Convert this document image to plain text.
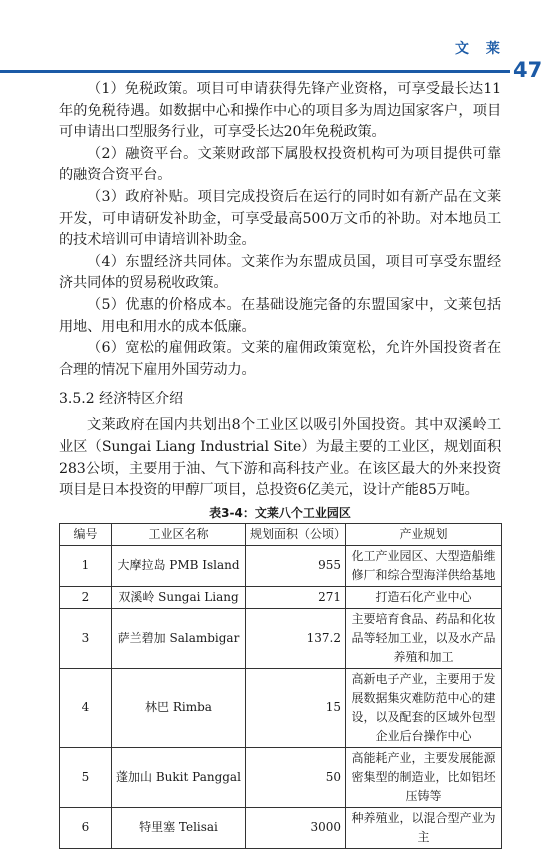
文 莱
47

（1）免税政策。项目可申请获得先锋产业资格，可享受最长达11年的免税待遇。如数据中心和操作中心的项目多为周边国家客户，项目可申请出口型服务行业，可享受长达20年免税政策。

（2）融资平台。文莱财政部下属股权投资机构可为项目提供可靠的融资合资平台。

（3）政府补贴。项目完成投资后在运行的同时如有新产品在文莱开发，可申请研发补助金，可享受最高500万文币的补助。对本地员工的技术培训可申请培训补助金。

（4）东盟经济共同体。文莱作为东盟成员国，项目可享受东盟经济共同体的贸易税收政策。

（5）优惠的价格成本。在基础设施完备的东盟国家中，文莱包括用地、用电和用水的成本低廉。

（6）宽松的雇佣政策。文莱的雇佣政策宽松，允许外国投资者在合理的情况下雇用外国劳动力。

3.5.2 经济特区介绍

文莱政府在国内共划出8个工业区以吸引外国投资。其中双溪岭工业区（Sungai Liang Industrial Site）为最主要的工业区，规划面积283公顷，主要用于油、气下游和高科技产业。在该区最大的外来投资项目是日本投资的甲醇厂项目，总投资6亿美元，设计产能85万吨。

表3-4：文莱八个工业园区
编号	工业区名称	规划面积（公顷）	产业规划
1	大摩拉岛 PMB Island	955	化工产业园区、大型造船维修厂和综合型海洋供给基地
2	双溪岭 Sungai Liang	271	打造石化产业中心
3	萨兰碧加 Salambigar	137.2	主要培育食品、药品和化妆品等轻加工业，以及水产品养殖和加工
4	林巴 Rimba	15	高新电子产业，主要用于发展数据集灾难防范中心的建设，以及配套的区域外包型企业后台操作中心
5	蓬加山 Bukit Panggal	50	高能耗产业，主要发展能源密集型的制造业，比如铝坯压铸等
6	特里塞 Telisai	3000	种养殖业，以混合型产业为主
